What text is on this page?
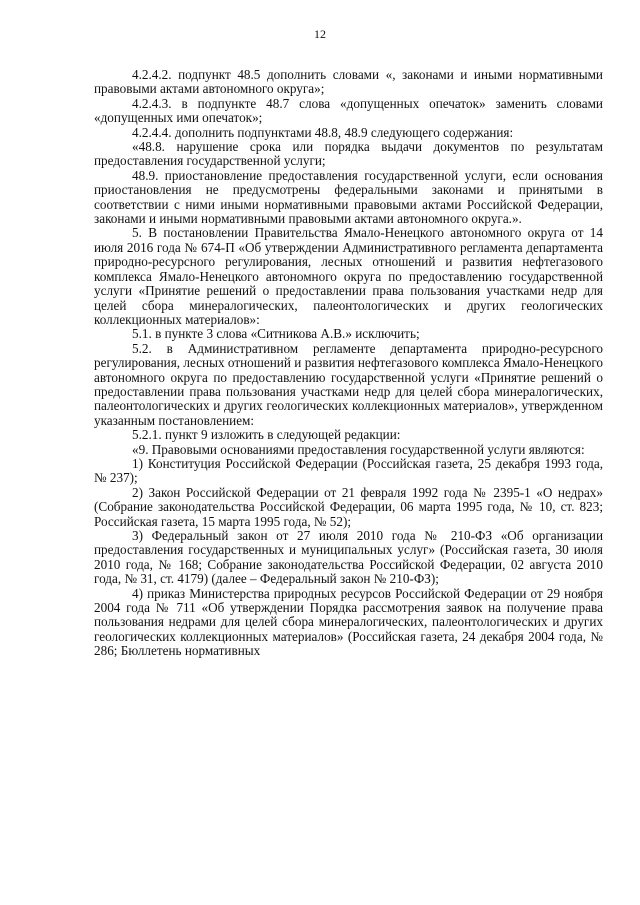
12

4.2.4.2. подпункт 48.5 дополнить словами «, законами и иными нормативными правовыми актами автономного округа»;

4.2.4.3. в подпункте 48.7 слова «допущенных опечаток» заменить словами «допущенных ими опечаток»;

4.2.4.4. дополнить подпунктами 48.8, 48.9 следующего содержания:

«48.8. нарушение срока или порядка выдачи документов по результатам предоставления государственной услуги;

48.9. приостановление предоставления государственной услуги, если основания приостановления не предусмотрены федеральными законами и принятыми в соответствии с ними иными нормативными правовыми актами Российской Федерации, законами и иными нормативными правовыми актами автономного округа.».

5. В постановлении Правительства Ямало-Ненецкого автономного округа от 14 июля 2016 года № 674-П «Об утверждении Административного регламента департамента природно-ресурсного регулирования, лесных отношений и развития нефтегазового комплекса Ямало-Ненецкого автономного округа по предоставлению государственной услуги «Принятие решений о предоставлении права пользования участками недр для целей сбора минералогических, палеонтологических и других геологических коллекционных материалов»:

5.1. в пункте 3 слова «Ситникова А.В.» исключить;

5.2. в Административном регламенте департамента природно-ресурсного регулирования, лесных отношений и развития нефтегазового комплекса Ямало-Ненецкого автономного округа по предоставлению государственной услуги «Принятие решений о предоставлении права пользования участками недр для целей сбора минералогических, палеонтологических и других геологических коллекционных материалов», утвержденном указанным постановлением:

5.2.1. пункт 9 изложить в следующей редакции:

«9. Правовыми основаниями предоставления государственной услуги являются:

1) Конституция Российской Федерации (Российская газета, 25 декабря 1993 года, № 237);

2) Закон Российской Федерации от 21 февраля 1992 года № 2395-1 «О недрах» (Собрание законодательства Российской Федерации, 06 марта 1995 года, № 10, ст. 823; Российская газета, 15 марта 1995 года, № 52);

3) Федеральный закон от 27 июля 2010 года № 210-ФЗ «Об организации предоставления государственных и муниципальных услуг» (Российская газета, 30 июля 2010 года, № 168; Собрание законодательства Российской Федерации, 02 августа 2010 года, № 31, ст. 4179) (далее – Федеральный закон № 210-ФЗ);

4) приказ Министерства природных ресурсов Российской Федерации от 29 ноября 2004 года № 711 «Об утверждении Порядка рассмотрения заявок на получение права пользования недрами для целей сбора минералогических, палеонтологических и других геологических коллекционных материалов» (Российская газета, 24 декабря 2004 года, № 286; Бюллетень нормативных
